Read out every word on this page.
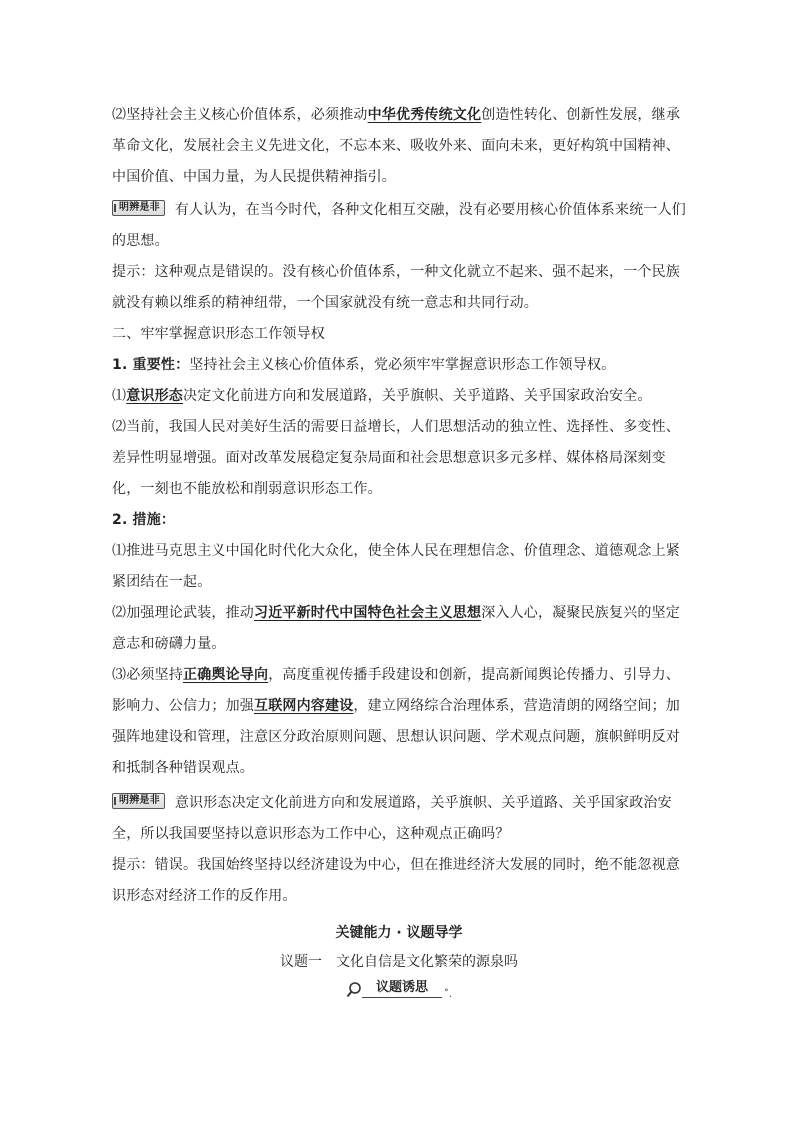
⑵坚持社会主义核心价值体系，必须推动中华优秀传统文化创造性转化、创新性发展，继承革命文化，发展社会主义先进文化，不忘本来、吸收外来、面向未来，更好构筑中国精神、中国价值、中国力量，为人民提供精神指引。

明辨是非 有人认为，在当今时代，各种文化相互交融，没有必要用核心价值体系来统一人们的思想。

提示：这种观点是错误的。没有核心价值体系，一种文化就立不起来、强不起来，一个民族就没有赖以维系的精神纽带，一个国家就没有统一意志和共同行动。

二、牢牢掌握意识形态工作领导权

1. 重要性：坚持社会主义核心价值体系，党必须牢牢掌握意识形态工作领导权。

⑴意识形态决定文化前进方向和发展道路，关乎旗帜、关乎道路、关乎国家政治安全。

⑵当前，我国人民对美好生活的需要日益增长，人们思想活动的独立性、选择性、多变性、差异性明显增强。面对改革发展稳定复杂局面和社会思想意识多元多样、媒体格局深刻变化，一刻也不能放松和削弱意识形态工作。

2. 措施：

⑴推进马克思主义中国化时代化大众化，使全体人民在理想信念、价值理念、道德观念上紧紧团结在一起。

⑵加强理论武装，推动习近平新时代中国特色社会主义思想深入人心，凝聚民族复兴的坚定意志和磅礴力量。

⑶必须坚持正确舆论导向，高度重视传播手段建设和创新，提高新闻舆论传播力、引导力、影响力、公信力；加强互联网内容建设，建立网络综合治理体系，营造清朗的网络空间；加强阵地建设和管理，注意区分政治原则问题、思想认识问题、学术观点问题，旗帜鲜明反对和抵制各种错误观点。

明辨是非 意识形态决定文化前进方向和发展道路，关乎旗帜、关乎道路、关乎国家政治安全，所以我国要坚持以意识形态为工作中心，这种观点正确吗？

提示：错误。我国始终坚持以经济建设为中心，但在推进经济大发展的同时，绝不能忽视意识形态对经济工作的反作用。

关键能力 · 议题导学

议题一 文化自信是文化繁荣的源泉吗

议题诱思	˚.
